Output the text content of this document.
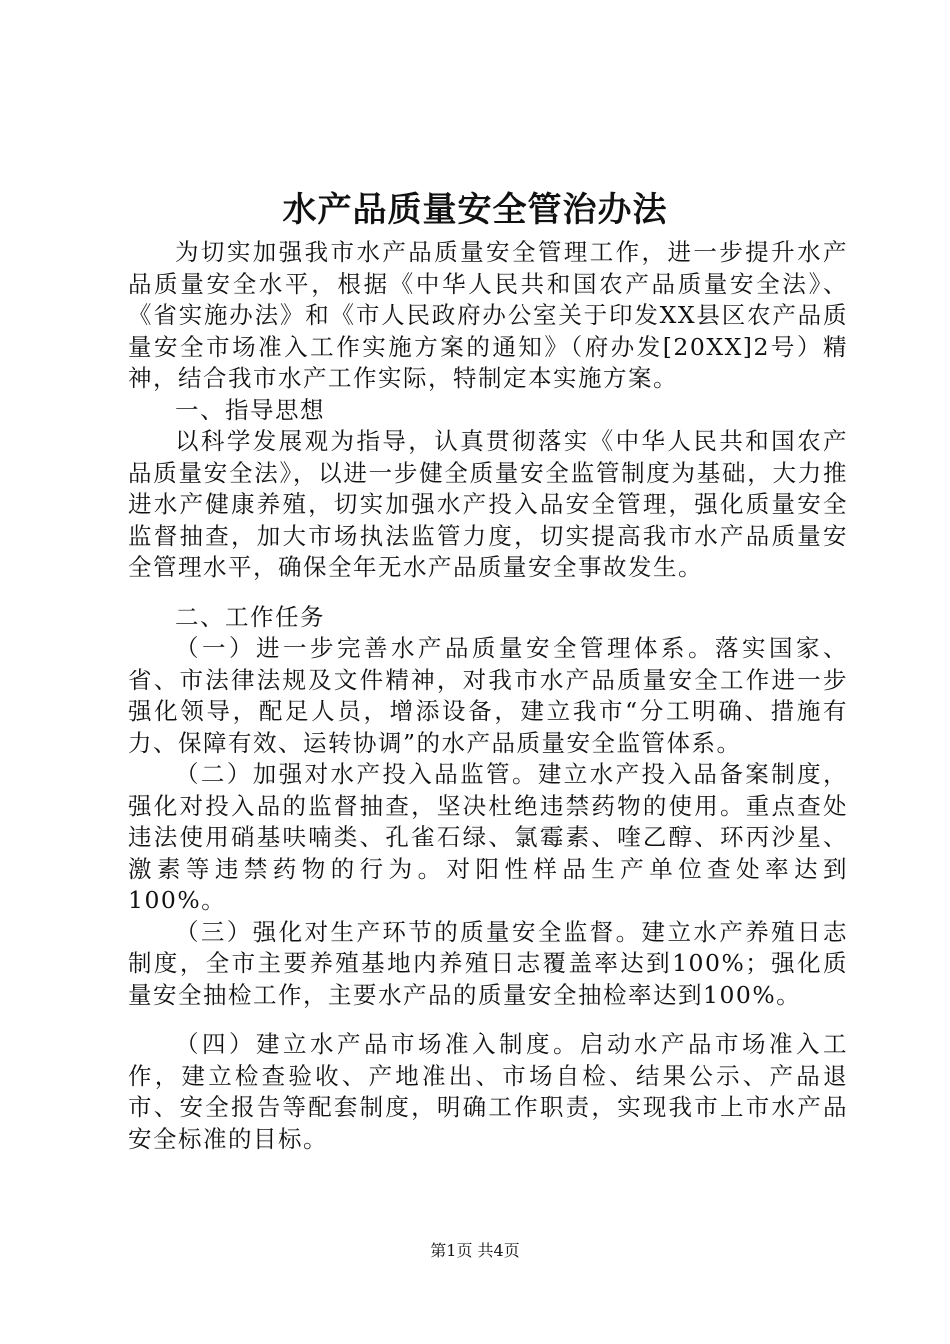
水产品质量安全管治办法

为切实加强我市水产品质量安全管理工作，进一步提升水产品质量安全水平，根据《中华人民共和国农产品质量安全法》、《省实施办法》和《市人民政府办公室关于印发XX县区农产品质量安全市场准入工作实施方案的通知》（府办发[20XX]2号）精神，结合我市水产工作实际，特制定本实施方案。

一、指导思想

以科学发展观为指导，认真贯彻落实《中华人民共和国农产品质量安全法》，以进一步健全质量安全监管制度为基础，大力推进水产健康养殖，切实加强水产投入品安全管理，强化质量安全监督抽查，加大市场执法监管力度，切实提高我市水产品质量安全管理水平，确保全年无水产品质量安全事故发生。

二、工作任务

（一）进一步完善水产品质量安全管理体系。落实国家、省、市法律法规及文件精神，对我市水产品质量安全工作进一步强化领导，配足人员，增添设备，建立我市“分工明确、措施有力、保障有效、运转协调”的水产品质量安全监管体系。

（二）加强对水产投入品监管。建立水产投入品备案制度，强化对投入品的监督抽查，坚决杜绝违禁药物的使用。重点查处违法使用硝基呋喃类、孔雀石绿、氯霉素、喹乙醇、环丙沙星、激素等违禁药物的行为。对阳性样品生产单位查处率达到100%。

（三）强化对生产环节的质量安全监督。建立水产养殖日志制度，全市主要养殖基地内养殖日志覆盖率达到100%；强化质量安全抽检工作，主要水产品的质量安全抽检率达到100%。

（四）建立水产品市场准入制度。启动水产品市场准入工作，建立检查验收、产地准出、市场自检、结果公示、产品退市、安全报告等配套制度，明确工作职责，实现我市上市水产品安全标准的目标。

第1页 共4页
